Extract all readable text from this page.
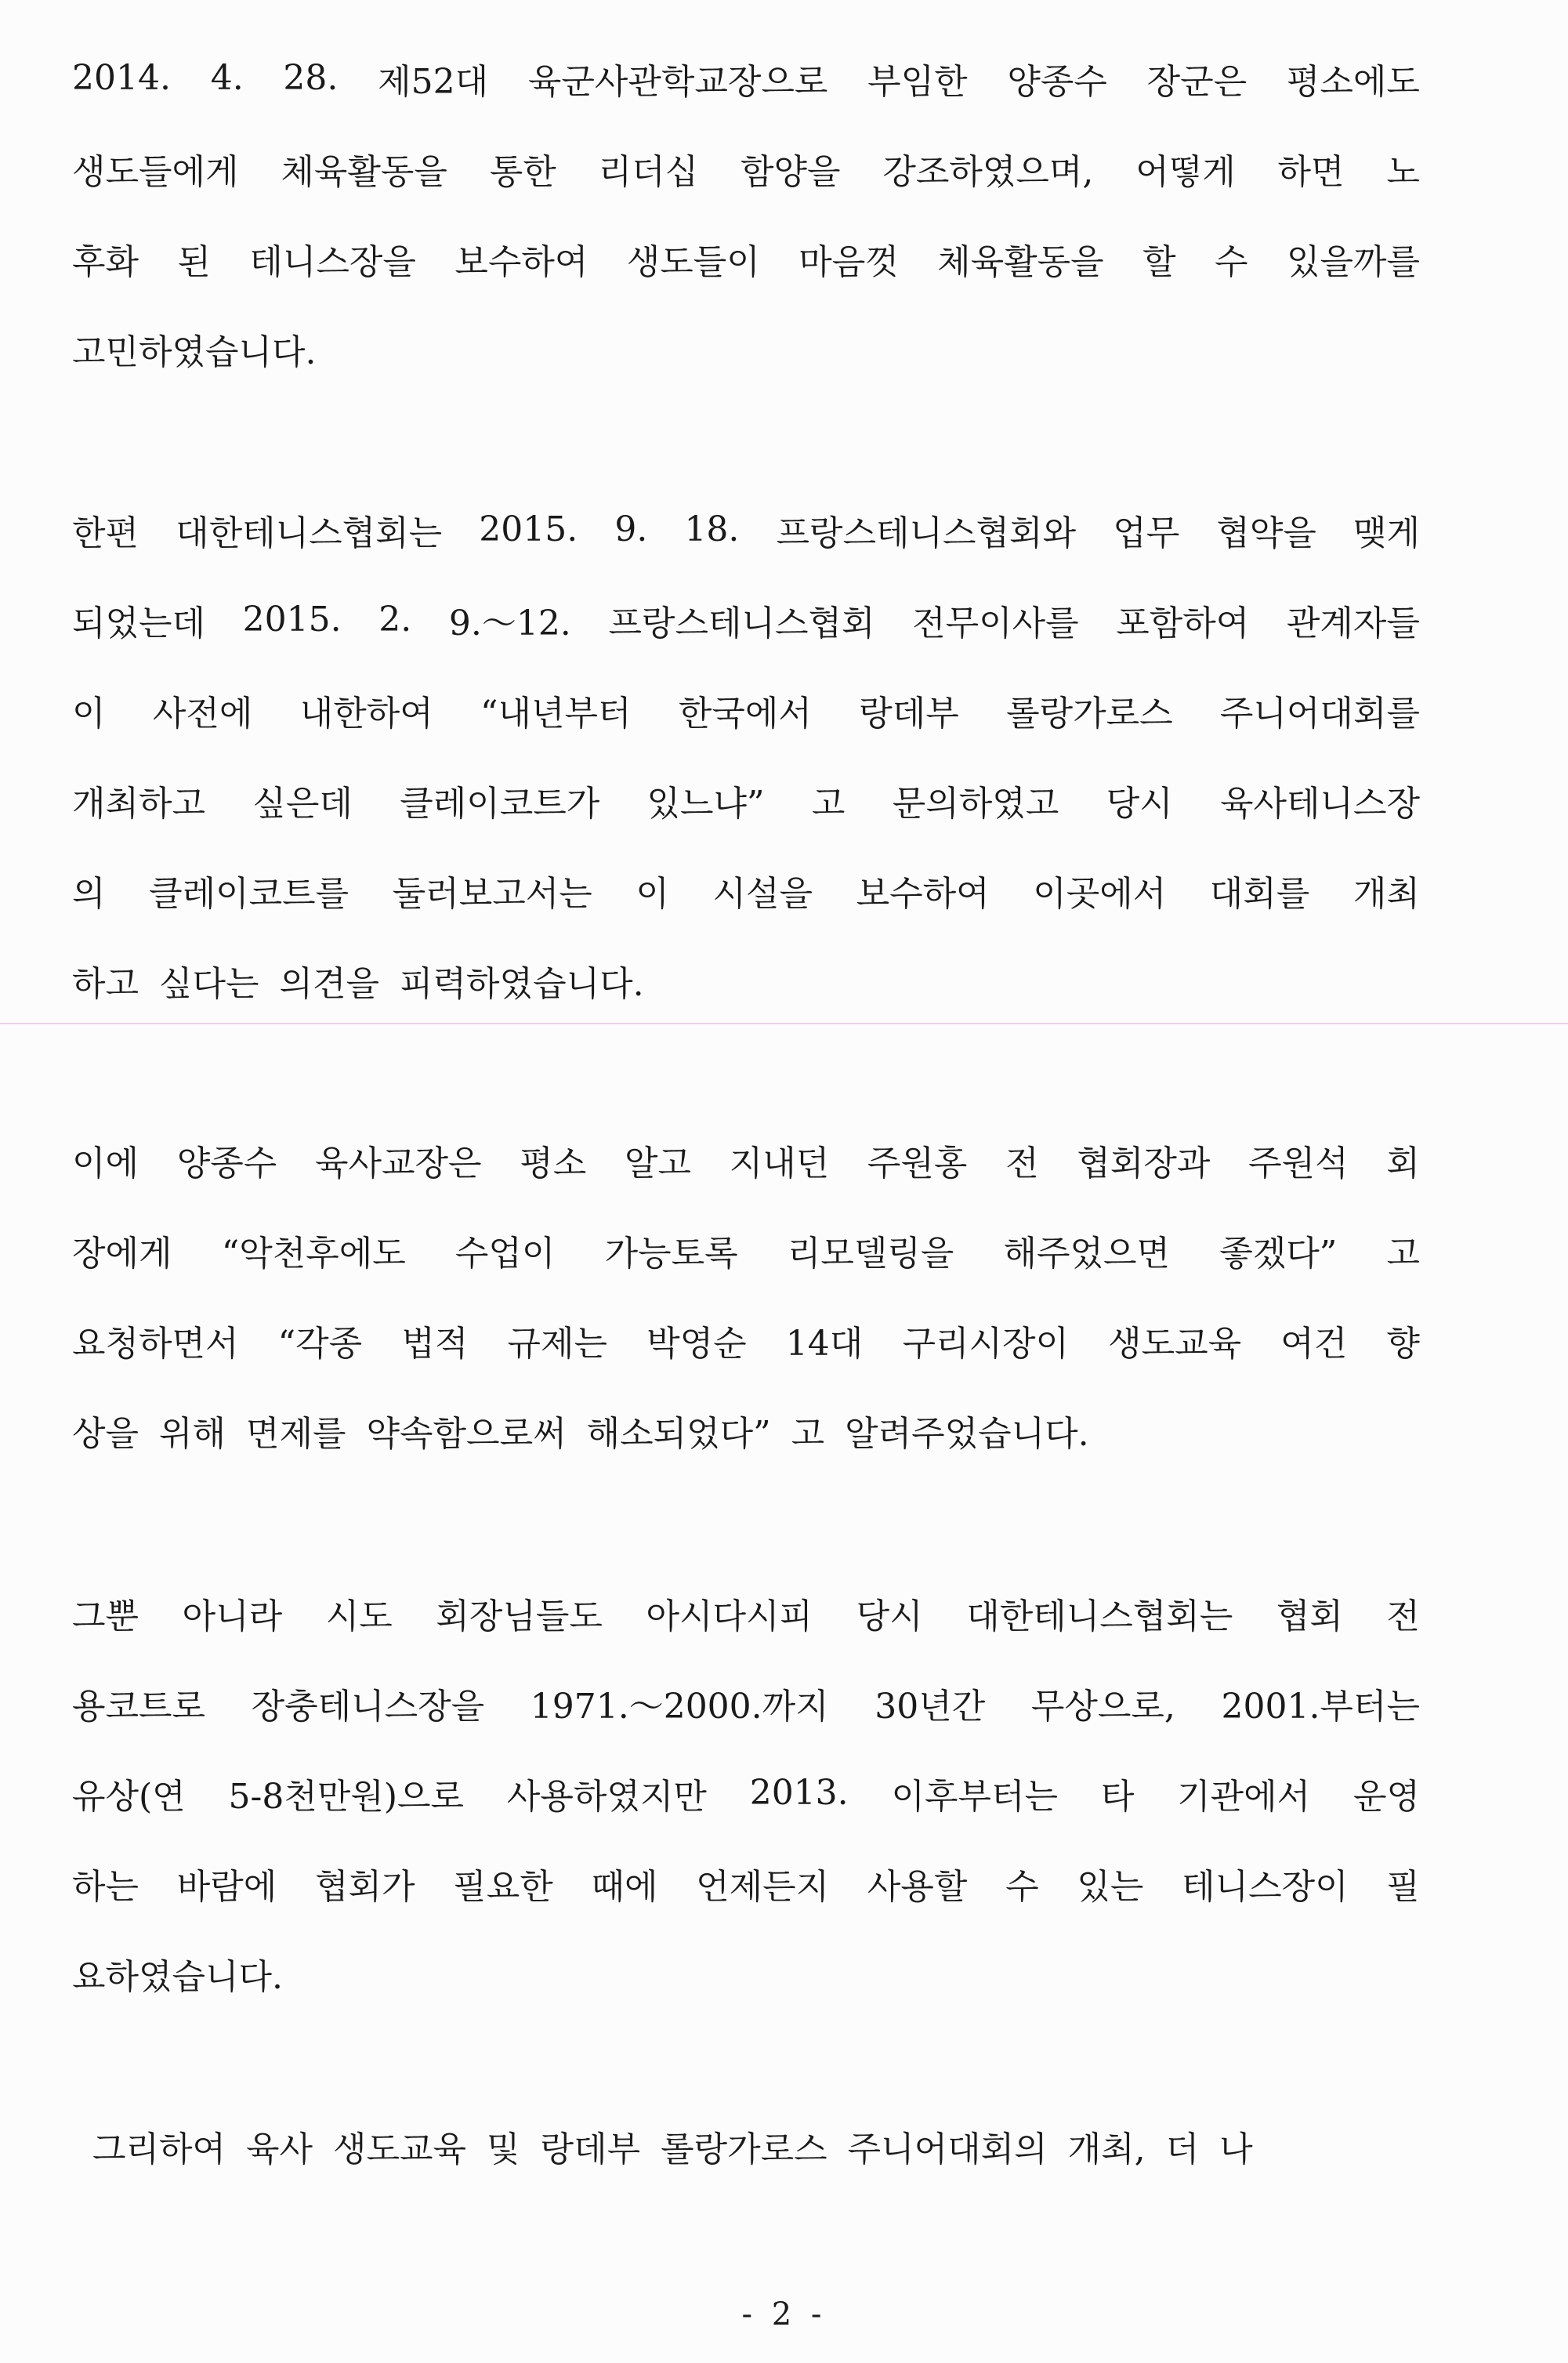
2014. 4. 28. 제52대 육군사관학교장으로 부임한 양종수 장군은 평소에도
생도들에게 체육활동을 통한 리더십 함양을 강조하였으며, 어떻게 하면 노
후화 된 테니스장을 보수하여 생도들이 마음껏 체육활동을 할 수 있을까를
고민하였습니다.
한편 대한테니스협회는 2015. 9. 18. 프랑스테니스협회와 업무 협약을 맺게
되었는데 2015. 2. 9.～12. 프랑스테니스협회 전무이사를 포함하여 관계자들
이 사전에 내한하여 “내년부터 한국에서 랑데부 롤랑가로스 주니어대회를
개최하고 싶은데 클레이코트가 있느냐” 고 문의하였고 당시 육사테니스장
의 클레이코트를 둘러보고서는 이 시설을 보수하여 이곳에서 대회를 개최
하고 싶다는 의견을 피력하였습니다.
이에 양종수 육사교장은 평소 알고 지내던 주원홍 전 협회장과 주원석 회
장에게 “악천후에도 수업이 가능토록 리모델링을 해주었으면 좋겠다” 고
요청하면서 “각종 법적 규제는 박영순 14대 구리시장이 생도교육 여건 향
상을 위해 면제를 약속함으로써 해소되었다” 고 알려주었습니다.
그뿐 아니라 시도 회장님들도 아시다시피 당시 대한테니스협회는 협회 전
용코트로 장충테니스장을 1971.～2000.까지 30년간 무상으로, 2001.부터는
유상(연 5-8천만원)으로 사용하였지만 2013. 이후부터는 타 기관에서 운영
하는 바람에 협회가 필요한 때에 언제든지 사용할 수 있는 테니스장이 필
요하였습니다.
그리하여 육사 생도교육 및 랑데부 롤랑가로스 주니어대회의 개최, 더 나
- 2 -
